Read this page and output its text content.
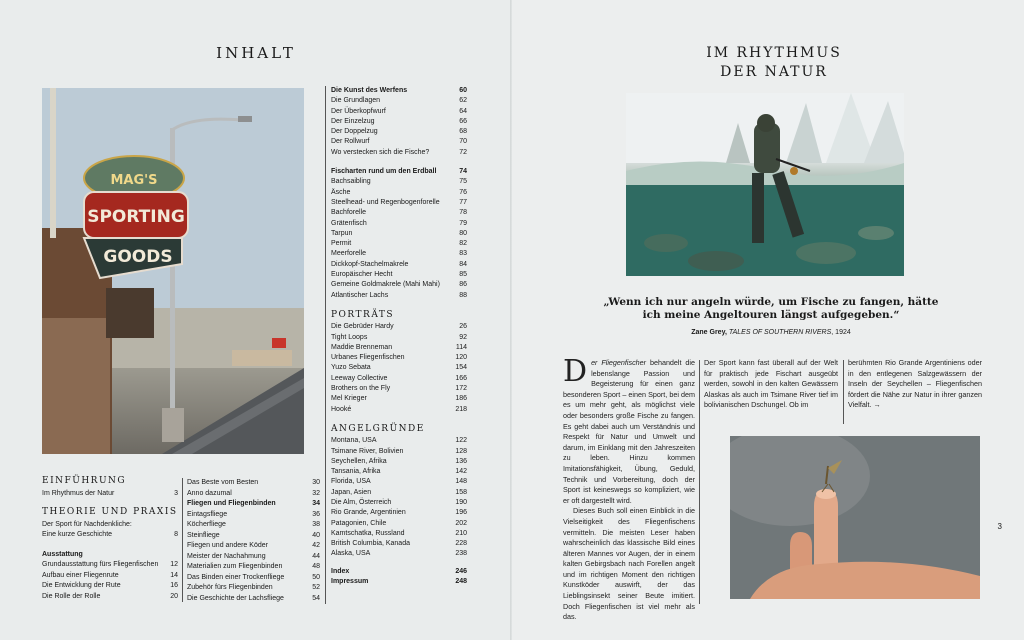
INHALT
MAG'S
SPORTING
GOODS
EINFÜHRUNG
Im Rhythmus der Natur	3
THEORIE UND PRAXIS
Der Sport für Nachdenkliche:
Eine kurze Geschichte	8
Ausstattung
Grundausstattung fürs Fliegenfischen 12
Aufbau einer Fliegenrute	14
Die Entwicklung der Rute	16
Die Rolle der Rolle	20
Das Beste vom Besten	30
Anno dazumal	32
Fliegen und Fliegenbinden	34
Eintagsfliege	36
Köcherfliege	38
Steinfliege	40
Fliegen und andere Köder	42
Meister der Nachahmung	44
Materialien zum Fliegenbinden	48
Das Binden einer Trockenfliege	50
Zubehör fürs Fliegenbinden	52
Die Geschichte der Lachsfliege	54
Die Kunst des Werfens	60
Die Grundlagen	62
Der Überkopfwurf	64
Der Einzelzug	66
Der Doppelzug	68
Der Rollwurf	70
Wo verstecken sich die Fische?	72
Fischarten rund um den Erdball	74
Bachsaibling	75
Äsche	76
Steelhead- und Regenbogenforelle	77
Bachforelle	78
Grätenfisch	79
Tarpun	80
Permit	82
Meerforelle	83
Dickkopf-Stachelmakrele	84
Europäischer Hecht	85
Gemeine Goldmakrele (Mahi Mahi)	86
Atlantischer Lachs	88
PORTRÄTS
Die Gebrüder Hardy	26
Tight Loops	92
Maddie Brenneman	114
Urbanes Fliegenfischen	120
Yuzo Sebata	154
Leeway Collective	166
Brothers on the Fly	172
Mel Krieger	186
Hooké	218
ANGELGRÜNDE
Montana, USA	122
Tsimane River, Bolivien	128
Seychellen, Afrika	136
Tansania, Afrika	142
Florida, USA	148
Japan, Asien	158
Die Alm, Österreich	190
Rio Grande, Argentinien	196
Patagonien, Chile	202
Kamtschatka, Russland	210
British Columbia, Kanada	228
Alaska, USA	238
Index	246
Impressum	248
IM RHYTHMUS
DER NATUR
„Wenn ich nur angeln würde, um Fische zu fangen, hätte ich meine Angeltouren längst aufgegeben.“
Zane Grey, TALES OF SOUTHERN RIVERS, 1924
Der Fliegenfischer behandelt die lebenslange Passion und Begeisterung für einen ganz besonderen Sport – einen Sport, bei dem es um mehr geht, als möglichst viele oder besonders große Fische zu fangen. Es geht dabei auch um Verständnis und Respekt für Natur und Umwelt und darum, im Einklang mit den Jahreszeiten zu leben. Hinzu kommen Imitationsfähigkeit, Übung, Geduld, Technik und Vorbereitung, doch der Sport ist keineswegs so kompliziert, wie er oft dargestellt wird.
Dieses Buch soll einen Einblick in die Vielseitigkeit des Fliegenfischens vermitteln. Die meisten Leser haben wahrscheinlich das klassische Bild eines älteren Mannes vor Augen, der in einem kalten Gebirgsbach nach Forellen angelt und im richtigen Moment den richtigen Kunstköder auswirft, der das Lieblingsinsekt seiner Beute imitiert. Doch Fliegenfischen ist viel mehr als das.
Der Sport kann fast überall auf der Welt für praktisch jede Fischart ausgeübt werden, sowohl in den kalten Gewässern Alaskas als auch im Tsimane River tief im bolivianischen Dschungel. Ob im
berühmten Rio Grande Argentiniens oder in den entlegenen Salzgewässern der Inseln der Seychellen – Fliegenfischen fördert die Nähe zur Natur in ihrer ganzen Vielfalt. →
3
